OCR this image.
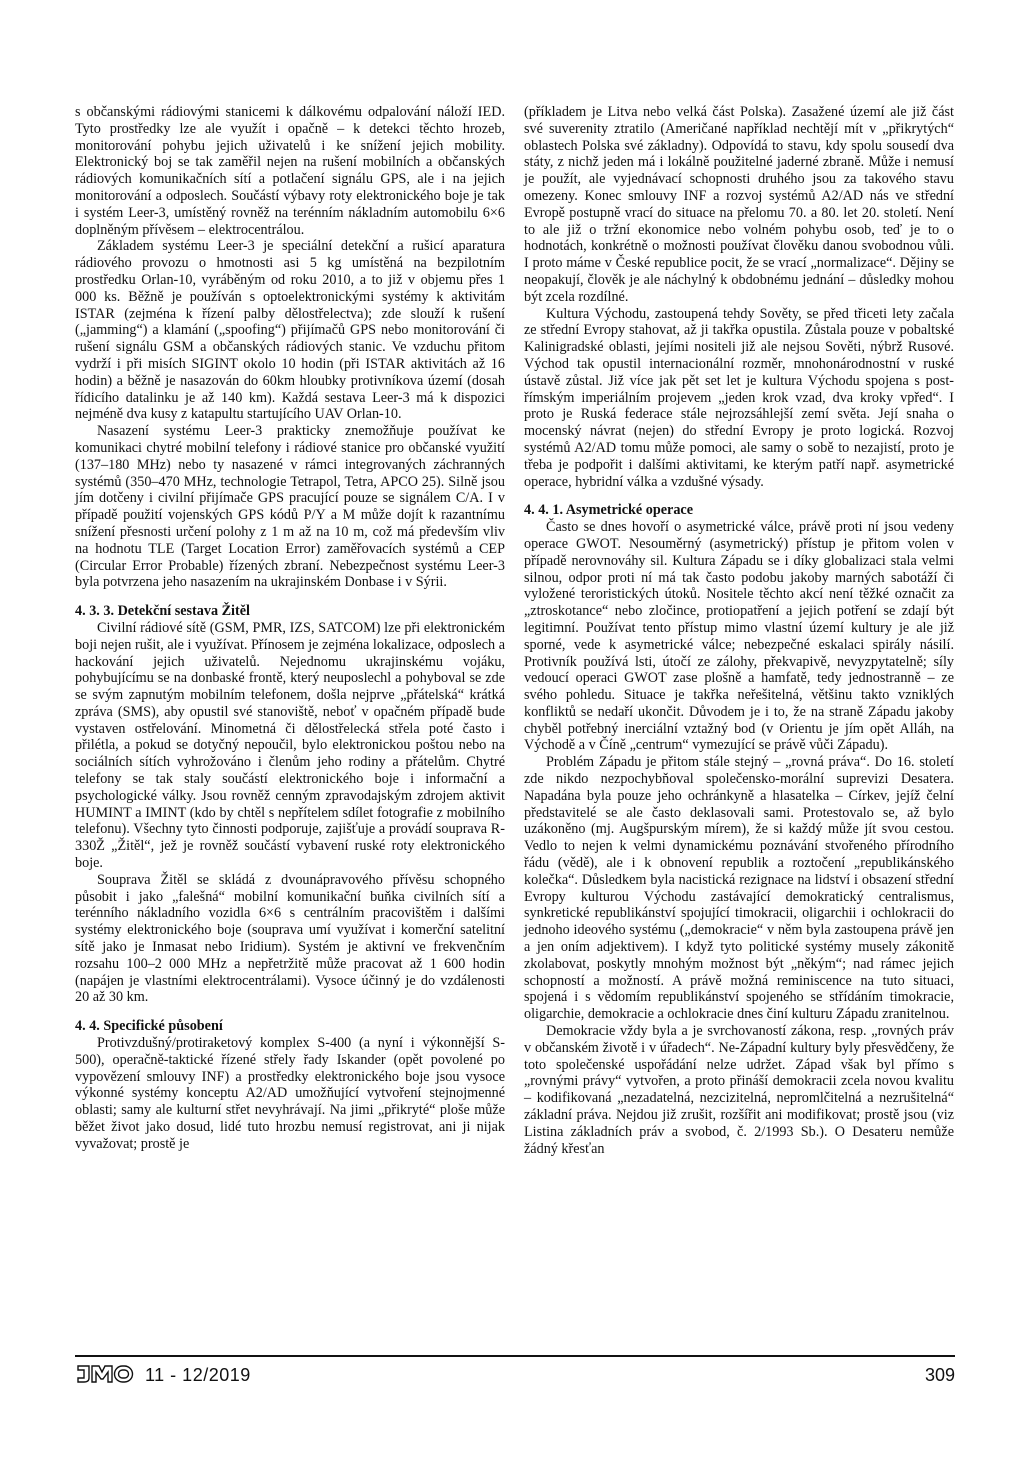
s občanskými rádiovými stanicemi k dálkovému odpalování náloží IED. Tyto prostředky lze ale využít i opačně – k detekci těchto hrozeb, monitorování pohybu jejich uživatelů i ke snížení jejich mobility. Elektronický boj se tak zaměřil nejen na rušení mobilních a občanských rádiových komunikačních sítí a potlačení signálu GPS, ale i na jejich monitorování a odposlech. Součástí výbavy roty elektronického boje je tak i systém Leer-3, umístěný rovněž na terénním nákladním automobilu 6×6 doplněným přívěsem – elektrocentrálou.

Základem systému Leer-3 je speciální detekční a rušicí aparatura rádiového provozu o hmotnosti asi 5 kg umístěná na bezpilotním prostředku Orlan-10, vyráběným od roku 2010, a to již v objemu přes 1 000 ks. Běžně je používán s optoelektronickými systémy k aktivitám ISTAR (zejména k řízení palby dělostřelectva); zde slouží k rušení („jamming“) a klamání („spoofing“) přijímačů GPS nebo monitorování či rušení signálu GSM a občanských rádiových stanic. Ve vzduchu přitom vydrží i při misích SIGINT okolo 10 hodin (při ISTAR aktivitách až 16 hodin) a běžně je nasazován do 60km hloubky protivníkova území (dosah řídicího datalinku je až 140 km). Každá sestava Leer-3 má k dispozici nejméně dva kusy z katapultu startujícího UAV Orlan-10.

Nasazení systému Leer-3 prakticky znemožňuje používat ke komunikaci chytré mobilní telefony i rádiové stanice pro občanské využití (137–180 MHz) nebo ty nasazené v rámci integrovaných záchranných systémů (350–470 MHz, technologie Tetrapol, Tetra, APCO 25). Silně jsou jím dotčeny i civilní přijímače GPS pracující pouze se signálem C/A. I v případě použití vojenských GPS kódů P/Y a M může dojít k razantnímu snížení přesnosti určení polohy z 1 m až na 10 m, což má především vliv na hodnotu TLE (Target Location Error) zaměřovacích systémů a CEP (Circular Error Probable) řízených zbraní. Nebezpečnost systému Leer-3 byla potvrzena jeho nasazením na ukrajinském Donbase i v Sýrii.

4. 3. 3. Detekční sestava Žitěl

Civilní rádiové sítě (GSM, PMR, IZS, SATCOM) lze při elektronickém boji nejen rušit, ale i využívat. Přínosem je zejména lokalizace, odposlech a hackování jejich uživatelů. Nejednomu ukrajinskému vojáku, pohybujícímu se na donbaské frontě, který neuposlechl a pohyboval se zde se svým zapnutým mobilním telefonem, došla nejprve „přátelská“ krátká zpráva (SMS), aby opustil své stanoviště, neboť v opačném případě bude vystaven ostřelování. Minometná či dělostřelecká střela poté často i přilétla, a pokud se dotyčný nepoučil, bylo elektronickou poštou nebo na sociálních sítích vyhrožováno i členům jeho rodiny a přátelům. Chytré telefony se tak staly součástí elektronického boje i informační a psychologické války. Jsou rovněž cenným zpravodajským zdrojem aktivit HUMINT a IMINT (kdo by chtěl s nepřítelem sdílet fotografie z mobilního telefonu). Všechny tyto činnosti podporuje, zajišťuje a provádí souprava R-330Ž „Žitěl“, jež je rovněž součástí vybavení ruské roty elektronického boje.

Souprava Žitěl se skládá z dvounápravového přívěsu schopného působit i jako „falešná“ mobilní komunikační buňka civilních sítí a terénního nákladního vozidla 6×6 s centrálním pracovištěm i dalšími systémy elektronického boje (souprava umí využívat i komerční satelitní sítě jako je Inmasat nebo Iridium). Systém je aktivní ve frekvenčním rozsahu 100–2 000 MHz a nepřetržitě může pracovat až 1 600 hodin (napájen je vlastními elektrocentrálami). Vysoce účinný je do vzdálenosti 20 až 30 km.

4. 4. Specifické působení

Protivzdušný/protiraketový komplex S-400 (a nyní i výkonnější S-500), operačně-taktické řízené střely řady Iskander (opět povolené po vypovězení smlouvy INF) a prostředky elektronického boje jsou vysoce výkonné systémy konceptu A2/AD umožňující vytvoření stejnojmenné oblasti; samy ale kulturní střet nevyhrávají. Na jimi „přikryté“ ploše může běžet život jako dosud, lidé tuto hrozbu nemusí registrovat, ani ji nijak vyvažovat; prostě je

(příkladem je Litva nebo velká část Polska). Zasažené území ale již část své suverenity ztratilo (Američané například nechtějí mít v „přikrytých“ oblastech Polska své základny). Odpovídá to stavu, kdy spolu sousedí dva státy, z nichž jeden má i lokálně použitelné jaderné zbraně. Může i nemusí je použít, ale vyjednávací schopnosti druhého jsou za takového stavu omezeny. Konec smlouvy INF a rozvoj systémů A2/AD nás ve střední Evropě postupně vrací do situace na přelomu 70. a 80. let 20. století. Není to ale již o tržní ekonomice nebo volném pohybu osob, teď je to o hodnotách, konkrétně o možnosti používat člověku danou svobodnou vůli. I proto máme v České republice pocit, že se vrací „normalizace“. Dějiny se neopakují, člověk je ale náchylný k obdobnému jednání – důsledky mohou být zcela rozdílné.

Kultura Východu, zastoupená tehdy Sověty, se před třiceti lety začala ze střední Evropy stahovat, až ji takřka opustila. Zůstala pouze v pobaltské Kalinigradské oblasti, jejími nositeli již ale nejsou Sověti, nýbrž Rusové. Východ tak opustil internacionální rozměr, mnohonárodnostní v ruské ústavě zůstal. Již více jak pět set let je kultura Východu spojena s post-římským imperiálním projevem „jeden krok vzad, dva kroky vpřed“. I proto je Ruská federace stále nejrozsáhlejší zemí světa. Její snaha o mocenský návrat (nejen) do střední Evropy je proto logická. Rozvoj systémů A2/AD tomu může pomoci, ale samy o sobě to nezajistí, proto je třeba je podpořit i dalšími aktivitami, ke kterým patří např. asymetrické operace, hybridní válka a vzdušné výsady.

4. 4. 1. Asymetrické operace

Často se dnes hovoří o asymetrické válce, právě proti ní jsou vedeny operace GWOT. Nesouměrný (asymetrický) přístup je přitom volen v případě nerovnováhy sil. Kultura Západu se i díky globalizaci stala velmi silnou, odpor proti ní má tak často podobu jakoby marných sabotáží či vyložené teroristických útoků. Nositele těchto akcí není těžké označit za „ztroskotance“ nebo zločince, protiopatření a jejich potření se zdají být legitimní. Používat tento přístup mimo vlastní území kultury je ale již sporné, vede k asymetrické válce; nebezpečné eskalaci spirály násilí. Protivník používá lsti, útočí ze zálohy, překvapivě, nevyzpytatelně; síly vedoucí operaci GWOT zase plošně a hamfatě, tedy jednostranně – ze svého pohledu. Situace je takřka neřešitelná, většinu takto vzniklých konfliktů se nedaří ukončit. Důvodem je i to, že na straně Západu jakoby chyběl potřebný inerciální vztažný bod (v Orientu je jím opět Alláh, na Východě a v Číně „centrum“ vymezující se právě vůči Západu).

Problém Západu je přitom stále stejný – „rovná práva“. Do 16. století zde nikdo nezpochybňoval společensko-morální suprevizi Desatera. Napadána byla pouze jeho ochránkyně a hlasatelka – Církev, jejíž čelní představitelé se ale často deklasovali sami. Protestovalo se, až bylo uzákoněno (mj. Augšpurským mírem), že si každý může jít svou cestou. Vedlo to nejen k velmi dynamickému poznávání stvořeného přírodního řádu (vědě), ale i k obnovení republik a roztočení „republikánského kolečka“. Důsledkem byla nacistická rezignace na lidství i obsazení střední Evropy kulturou Východu zastávající demokratický centralismus, synkretické republikánství spojující timokracii, oligarchii i ochlokracii do jednoho ideového systému („demokracie“ v něm byla zastoupena právě jen a jen oním adjektivem). I když tyto politické systémy musely zákonitě zkolabovat, poskytly mnohým možnost být „někým“; nad rámec jejich schopností a možností. A právě možná reminiscence na tuto situaci, spojená i s vědomím republikánství spojeného se střídáním timokracie, oligarchie, demokracie a ochlokracie dnes činí kulturu Západu zranitelnou.

Demokracie vždy byla a je svrchovaností zákona, resp. „rovných práv v občanském životě i v úřadech“. Ne-Západní kultury byly přesvědčeny, že toto společenské uspořádání nelze udržet. Západ však byl přímo s „rovnými právy“ vytvořen, a proto přináší demokracii zcela novou kvalitu – kodifikovaná „nezadatelná, nezcizitelná, nepromlčitelná a nezrušitelná“ základní práva. Nejdou již zrušit, rozšířit ani modifikovat; prostě jsou (viz Listina základních práv a svobod, č. 2/1993 Sb.). O Desateru nemůže žádný křesťan

11 - 12/2019	309
